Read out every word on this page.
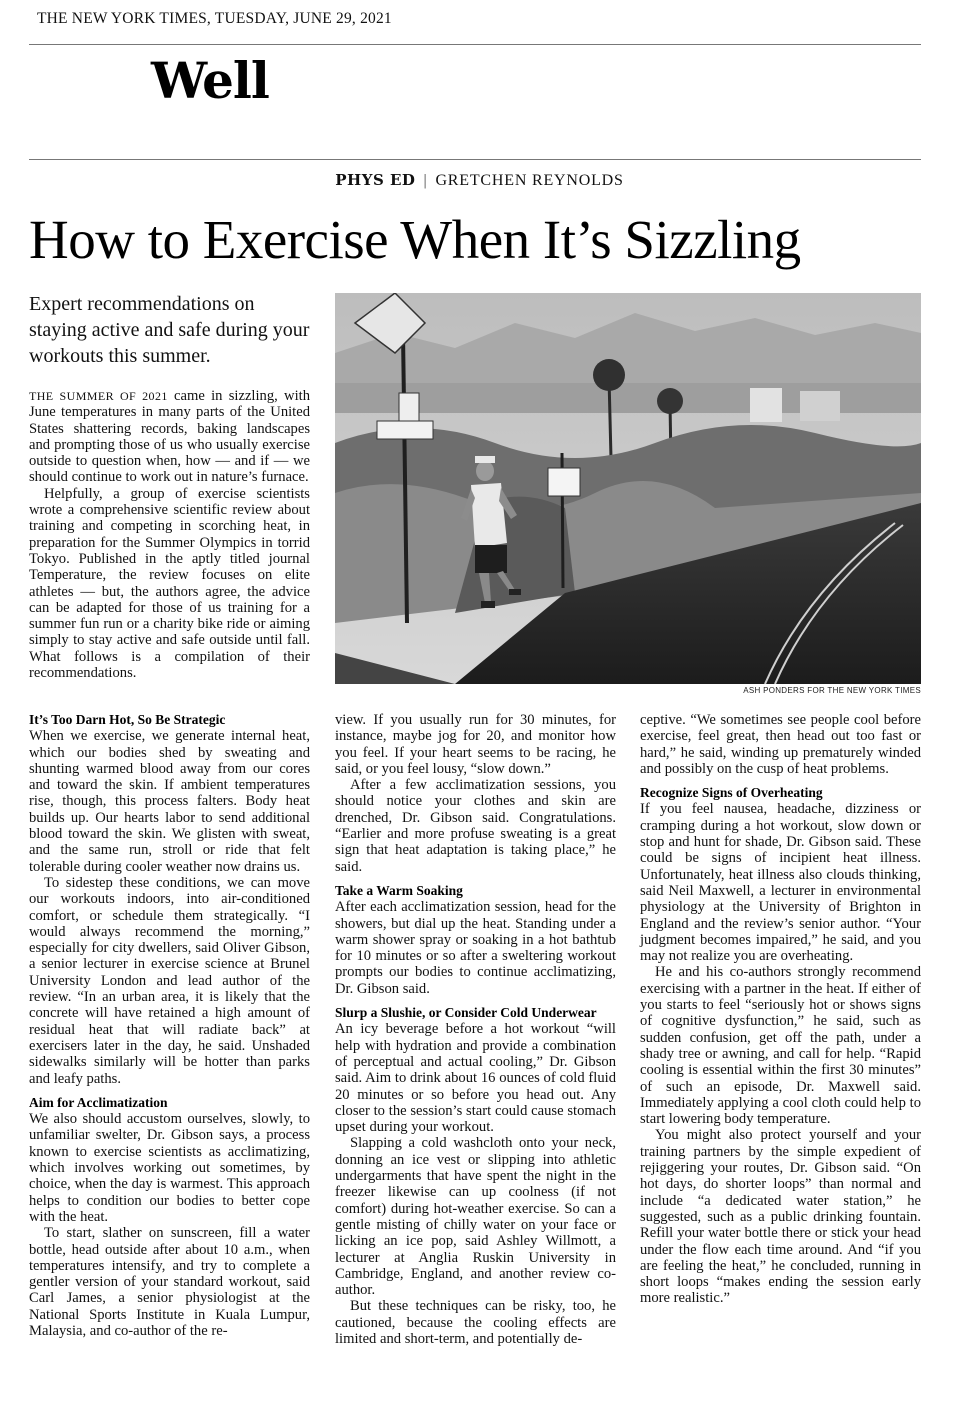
THE NEW YORK TIMES, TUESDAY, JUNE 29, 2021
Well
PHYS ED | GRETCHEN REYNOLDS
How to Exercise When It’s Sizzling
Expert recommendations on staying active and safe during your workouts this summer.
ASH PONDERS FOR THE NEW YORK TIMES

THE SUMMER OF 2021 came in sizzling, with June temperatures in many parts of the United States shattering records, baking landscapes and prompting those of us who usually exercise outside to question when, how — and if — we should continue to work out in nature’s furnace.

Helpfully, a group of exercise scientists wrote a comprehensive scientific review about training and competing in scorching heat, in preparation for the Summer Olympics in torrid Tokyo. Published in the aptly titled journal Temperature, the review focuses on elite athletes — but, the authors agree, the advice can be adapted for those of us training for a summer fun run or a charity bike ride or aiming simply to stay active and safe outside until fall. What follows is a compilation of their recommendations.

It’s Too Darn Hot, So Be Strategic

When we exercise, we generate internal heat, which our bodies shed by sweating and shunting warmed blood away from our cores and toward the skin. If ambient temperatures rise, though, this process falters. Body heat builds up. Our hearts labor to send additional blood toward the skin. We glisten with sweat, and the same run, stroll or ride that felt tolerable during cooler weather now drains us.

To sidestep these conditions, we can move our workouts indoors, into air-conditioned comfort, or schedule them strategically. “I would always recommend the morning,” especially for city dwellers, said Oliver Gibson, a senior lecturer in exercise science at Brunel University London and lead author of the review. “In an urban area, it is likely that the concrete will have retained a high amount of residual heat that will radiate back” at exercisers later in the day, he said. Unshaded sidewalks similarly will be hotter than parks and leafy paths.

Aim for Acclimatization

We also should accustom ourselves, slowly, to unfamiliar swelter, Dr. Gibson says, a process known to exercise scientists as acclimatizing, which involves working out sometimes, by choice, when the day is warmest. This approach helps to condition our bodies to better cope with the heat.

To start, slather on sunscreen, fill a water bottle, head outside after about 10 a.m., when temperatures intensify, and try to complete a gentler version of your standard workout, said Carl James, a senior physiologist at the National Sports Institute in Kuala Lumpur, Malaysia, and co-author of the re-

view. If you usually run for 30 minutes, for instance, maybe jog for 20, and monitor how you feel. If your heart seems to be racing, he said, or you feel lousy, “slow down.”

After a few acclimatization sessions, you should notice your clothes and skin are drenched, Dr. Gibson said. Congratulations. “Earlier and more profuse sweating is a great sign that heat adaptation is taking place,” he said.

Take a Warm Soaking

After each acclimatization session, head for the showers, but dial up the heat. Standing under a warm shower spray or soaking in a hot bathtub for 10 minutes or so after a sweltering workout prompts our bodies to continue acclimatizing, Dr. Gibson said.

Slurp a Slushie, or Consider Cold Underwear

An icy beverage before a hot workout “will help with hydration and provide a combination of perceptual and actual cooling,” Dr. Gibson said. Aim to drink about 16 ounces of cold fluid 20 minutes or so before you head out. Any closer to the session’s start could cause stomach upset during your workout.

Slapping a cold washcloth onto your neck, donning an ice vest or slipping into athletic undergarments that have spent the night in the freezer likewise can up coolness (if not comfort) during hot-weather exercise. So can a gentle misting of chilly water on your face or licking an ice pop, said Ashley Willmott, a lecturer at Anglia Ruskin University in Cambridge, England, and another review co-author.

But these techniques can be risky, too, he cautioned, because the cooling effects are limited and short-term, and potentially de-

ceptive. “We sometimes see people cool before exercise, feel great, then head out too fast or hard,” he said, winding up prematurely winded and possibly on the cusp of heat problems.

Recognize Signs of Overheating

If you feel nausea, headache, dizziness or cramping during a hot workout, slow down or stop and hunt for shade, Dr. Gibson said. These could be signs of incipient heat illness. Unfortunately, heat illness also clouds thinking, said Neil Maxwell, a lecturer in environmental physiology at the University of Brighton in England and the review’s senior author. “Your judgment becomes impaired,” he said, and you may not realize you are overheating.

He and his co-authors strongly recommend exercising with a partner in the heat. If either of you starts to feel “seriously hot or shows signs of cognitive dysfunction,” he said, such as sudden confusion, get off the path, under a shady tree or awning, and call for help. “Rapid cooling is essential within the first 30 minutes” of such an episode, Dr. Maxwell said. Immediately applying a cool cloth could help to start lowering body temperature.

You might also protect yourself and your training partners by the simple expedient of rejiggering your routes, Dr. Gibson said. “On hot days, do shorter loops” than normal and include “a dedicated water station,” he suggested, such as a public drinking fountain. Refill your water bottle there or stick your head under the flow each time around. And “if you are feeling the heat,” he concluded, running in short loops “makes ending the session early more realistic.”
